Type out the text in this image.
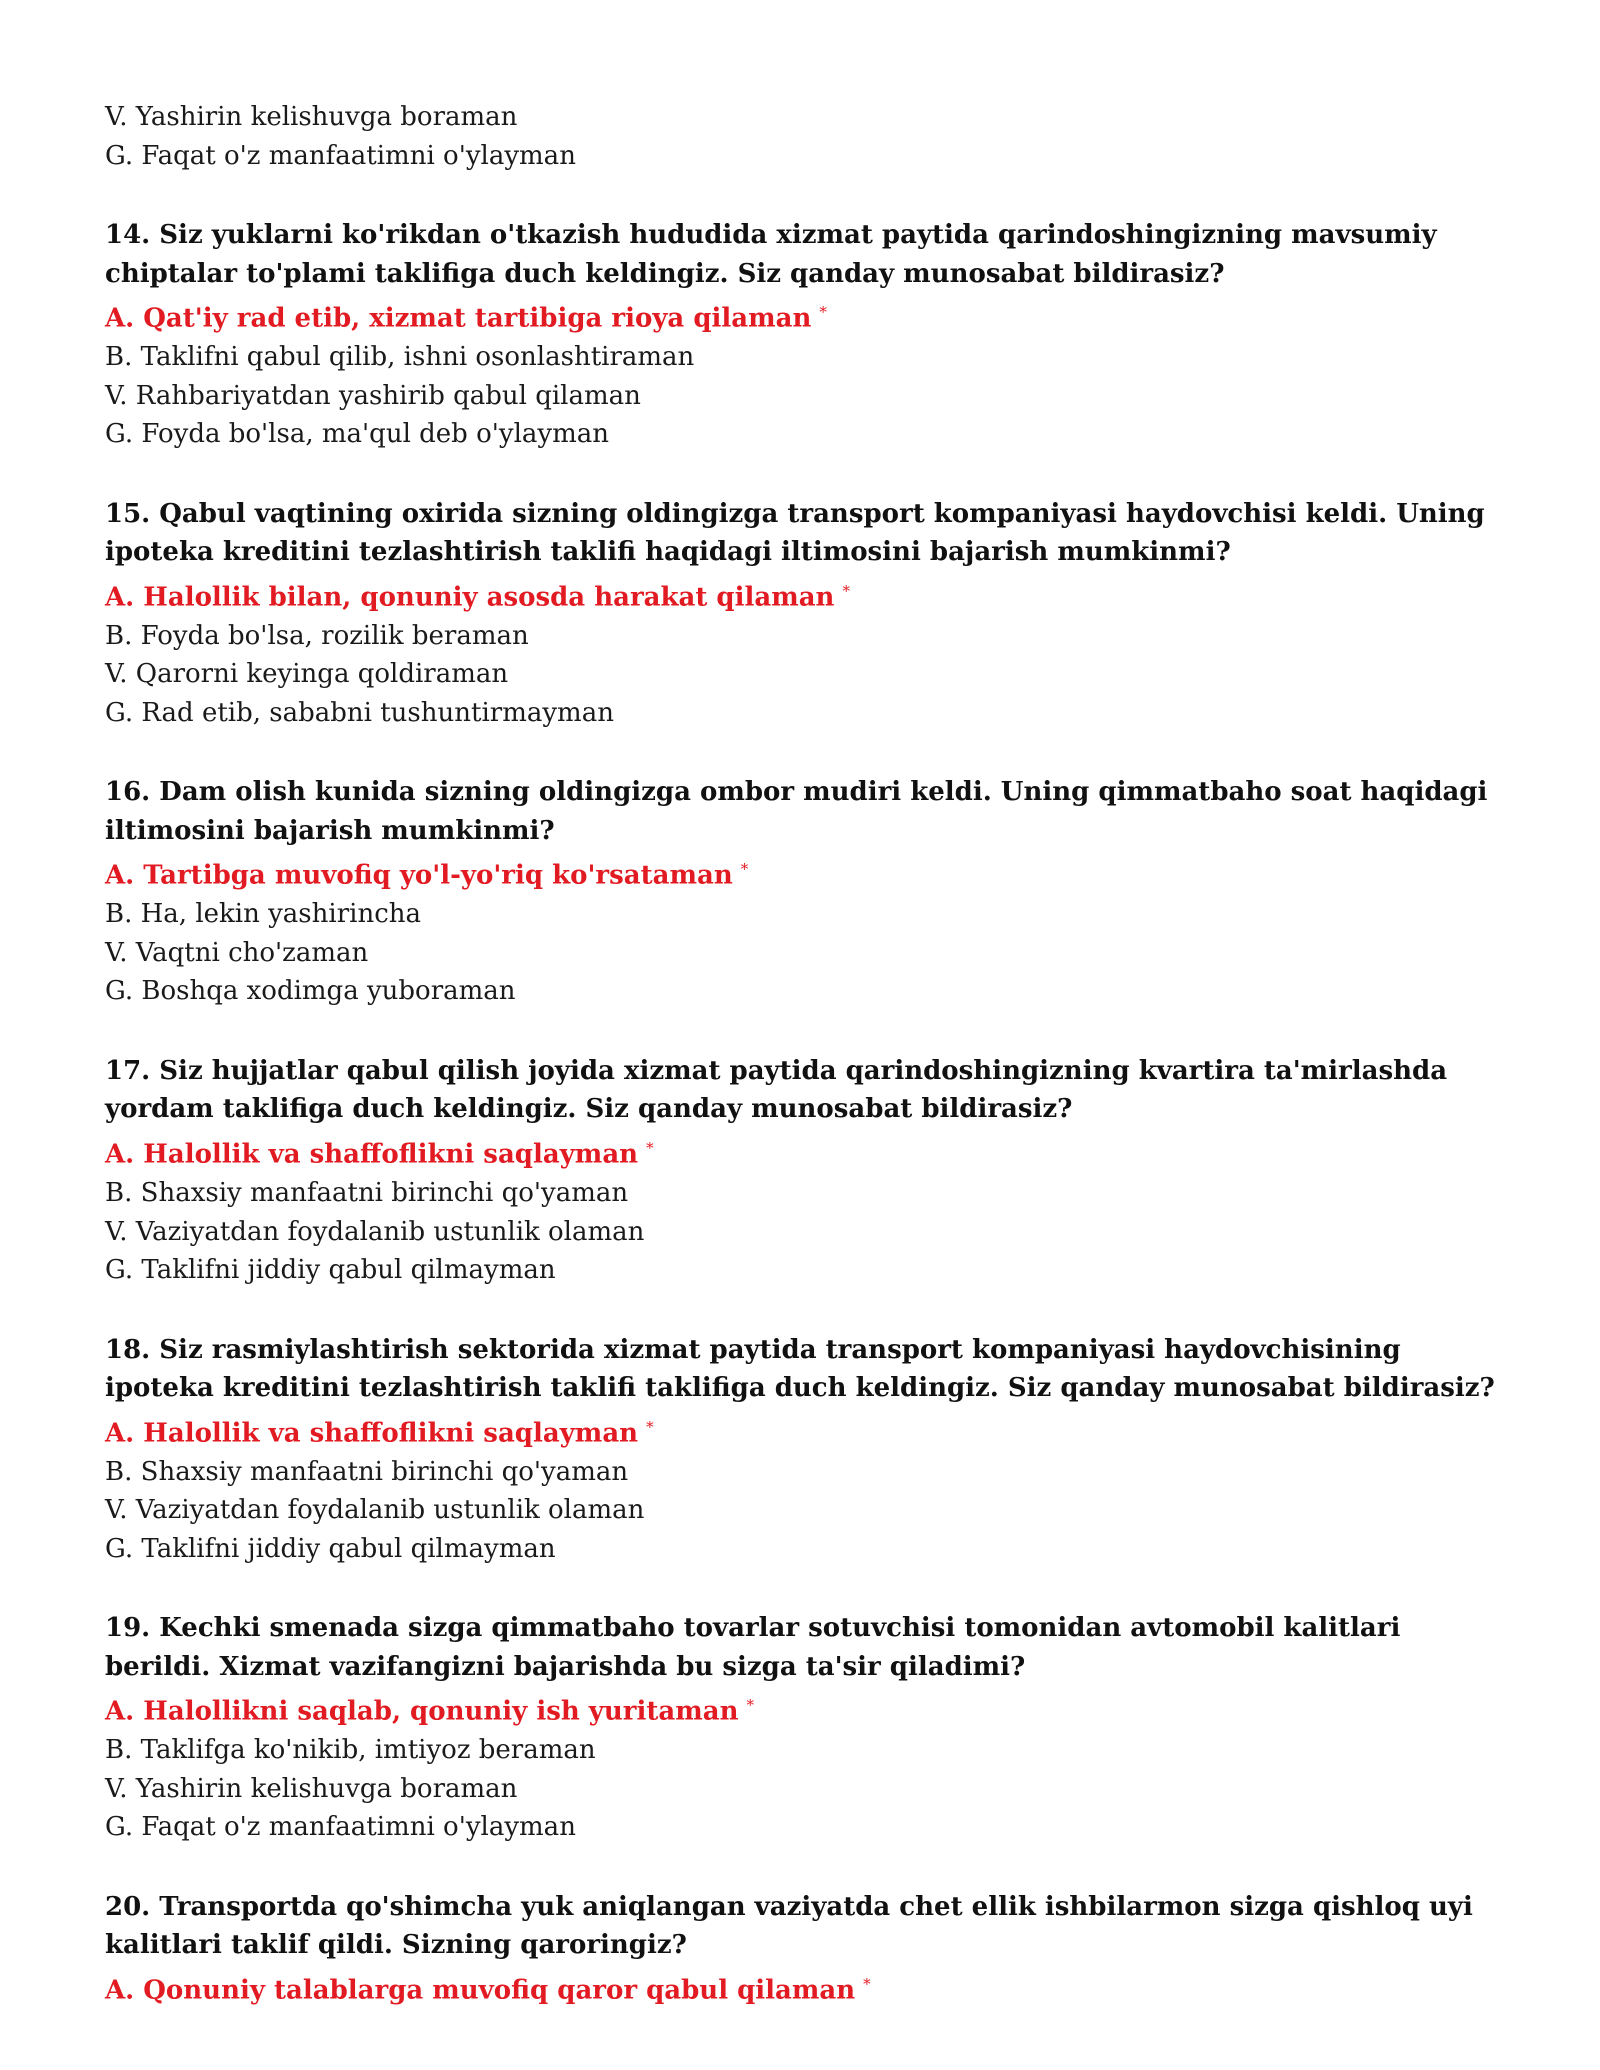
V. Yashirin kelishuvga boraman
G. Faqat o'z manfaatimni o'ylayman
14. Siz yuklarni ko'rikdan o'tkazish hududida xizmat paytida qarindoshingizning mavsumiy chiptalar to'plami taklifiga duch keldingiz. Siz qanday munosabat bildirasiz?
A. Qat'iy rad etib, xizmat tartibiga rioya qilaman *
B. Taklifni qabul qilib, ishni osonlashtiraman
V. Rahbariyatdan yashirib qabul qilaman
G. Foyda bo'lsa, ma'qul deb o'ylayman
15. Qabul vaqtining oxirida sizning oldingizga transport kompaniyasi haydovchisi keldi. Uning ipoteka kreditini tezlashtirish taklifi haqidagi iltimosini bajarish mumkinmi?
A. Halollik bilan, qonuniy asosda harakat qilaman *
B. Foyda bo'lsa, rozilik beraman
V. Qarorni keyinga qoldiraman
G. Rad etib, sababni tushuntirmayman
16. Dam olish kunida sizning oldingizga ombor mudiri keldi. Uning qimmatbaho soat haqidagi iltimosini bajarish mumkinmi?
A. Tartibga muvofiq yo'l-yo'riq ko'rsataman *
B. Ha, lekin yashirincha
V. Vaqtni cho'zaman
G. Boshqa xodimga yuboraman
17. Siz hujjatlar qabul qilish joyida xizmat paytida qarindoshingizning kvartira ta'mirlashda yordam taklifiga duch keldingiz. Siz qanday munosabat bildirasiz?
A. Halollik va shaffoflikni saqlayman *
B. Shaxsiy manfaatni birinchi qo'yaman
V. Vaziyatdan foydalanib ustunlik olaman
G. Taklifni jiddiy qabul qilmayman
18. Siz rasmiylashtirish sektorida xizmat paytida transport kompaniyasi haydovchisining ipoteka kreditini tezlashtirish taklifi taklifiga duch keldingiz. Siz qanday munosabat bildirasiz?
A. Halollik va shaffoflikni saqlayman *
B. Shaxsiy manfaatni birinchi qo'yaman
V. Vaziyatdan foydalanib ustunlik olaman
G. Taklifni jiddiy qabul qilmayman
19. Kechki smenada sizga qimmatbaho tovarlar sotuvchisi tomonidan avtomobil kalitlari berildi. Xizmat vazifangizni bajarishda bu sizga ta'sir qiladimi?
A. Halollikni saqlab, qonuniy ish yuritaman *
B. Taklifga ko'nikib, imtiyoz beraman
V. Yashirin kelishuvga boraman
G. Faqat o'z manfaatimni o'ylayman
20. Transportda qo'shimcha yuk aniqlangan vaziyatda chet ellik ishbilarmon sizga qishloq uyi kalitlari taklif qildi. Sizning qaroringiz?
A. Qonuniy talablarga muvofiq qaror qabul qilaman *
